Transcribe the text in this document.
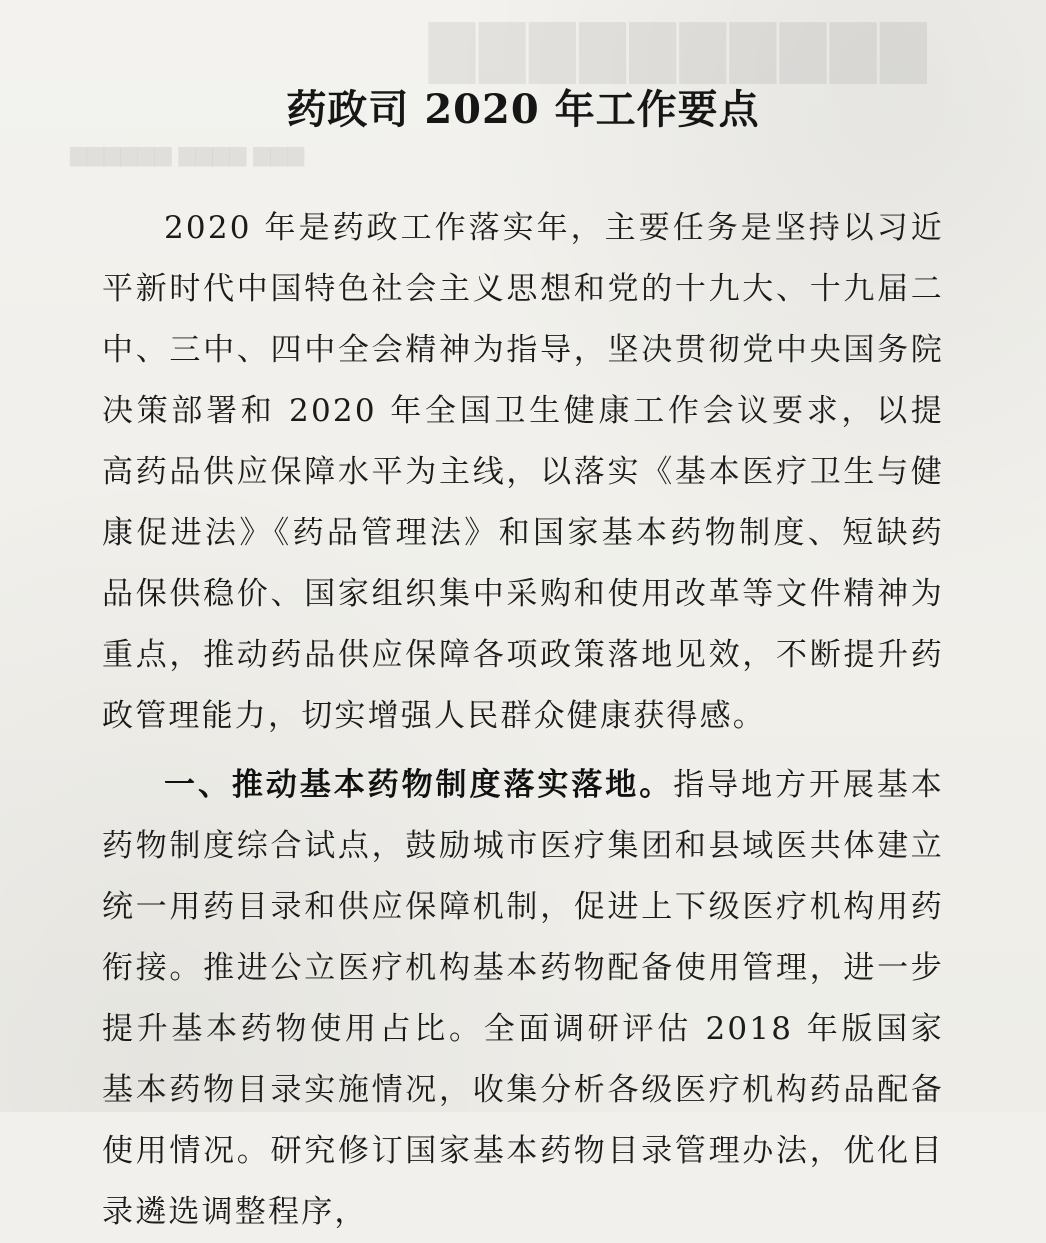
▇▇▇▇▇▇▇▇▇▇
▆▆▆ ▆▆▆▆ ▆▆▆▆▆▆
药政司 2020 年工作要点

2020 年是药政工作落实年，主要任务是坚持以习近平新时代中国特色社会主义思想和党的十九大、十九届二中、三中、四中全会精神为指导，坚决贯彻党中央国务院决策部署和 2020 年全国卫生健康工作会议要求，以提高药品供应保障水平为主线，以落实《基本医疗卫生与健康促进法》《药品管理法》和国家基本药物制度、短缺药品保供稳价、国家组织集中采购和使用改革等文件精神为重点，推动药品供应保障各项政策落地见效，不断提升药政管理能力，切实增强人民群众健康获得感。

一、推动基本药物制度落实落地。指导地方开展基本药物制度综合试点，鼓励城市医疗集团和县域医共体建立统一用药目录和供应保障机制，促进上下级医疗机构用药衔接。推进公立医疗机构基本药物配备使用管理，进一步提升基本药物使用占比。全面调研评估 2018 年版国家基本药物目录实施情况，收集分析各级医疗机构药品配备使用情况。研究修订国家基本药物目录管理办法，优化目录遴选调整程序，
